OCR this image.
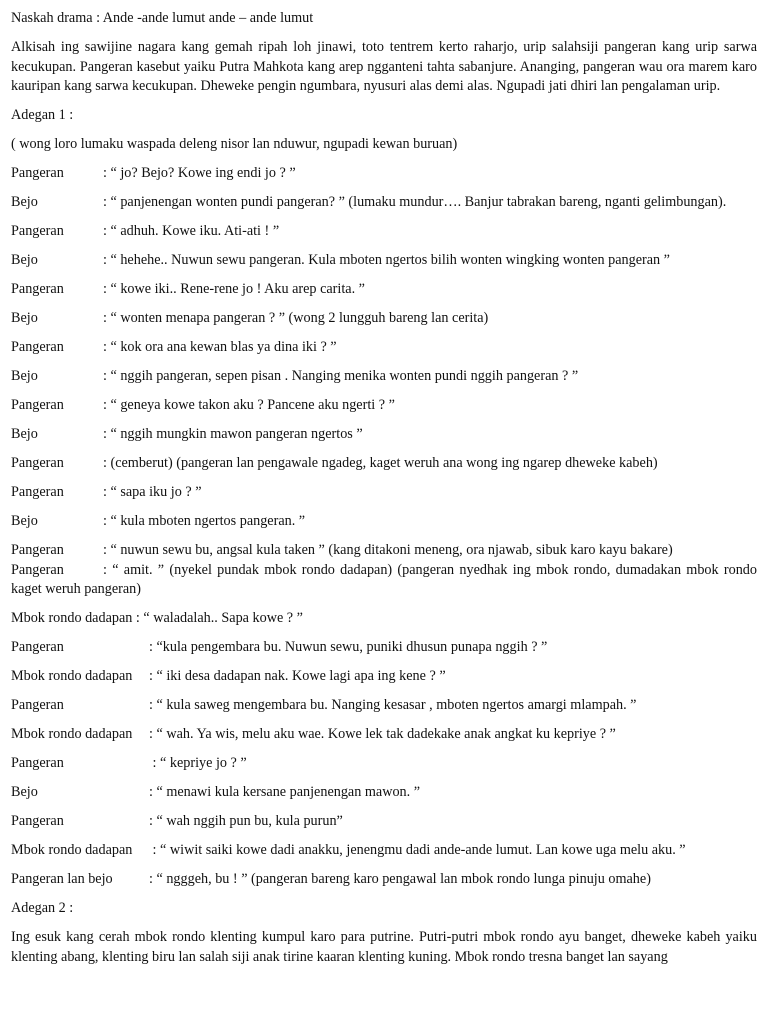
Naskah drama : Ande -ande lumut ande – ande lumut

Alkisah ing sawijine nagara kang gemah ripah loh jinawi, toto tentrem kerto raharjo, urip salahsiji pangeran kang urip sarwa kecukupan. Pangeran kasebut yaiku Putra Mahkota kang arep ngganteni tahta sabanjure. Ananging, pangeran wau ora marem karo kauripan kang sarwa kecukupan. Dheweke pengin ngumbara, nyusuri alas demi alas. Ngupadi jati dhiri lan pengalaman urip.

Adegan 1 :

( wong loro lumaku waspada deleng nisor lan nduwur, ngupadi kewan buruan)

Pangeran	: “ jo? Bejo? Kowe ing endi jo ? ”

Bejo	: “ panjenengan wonten pundi pangeran? ” (lumaku mundur…. Banjur tabrakan bareng, nganti gelimbungan).

Pangeran	: “ adhuh. Kowe iku. Ati-ati ! ”

Bejo	: “ hehehe.. Nuwun sewu pangeran. Kula mboten ngertos bilih wonten wingking wonten pangeran ”

Pangeran	: “ kowe iki.. Rene-rene jo ! Aku arep carita. ”

Bejo	: “ wonten menapa pangeran ? ” (wong 2 lungguh bareng lan cerita)

Pangeran	: “ kok ora ana kewan blas ya dina iki ? ”

Bejo	: “ nggih pangeran, sepen pisan . Nanging menika wonten pundi nggih pangeran ? ”

Pangeran	: “ geneya kowe takon aku ? Pancene aku ngerti ? ”

Bejo	: “ nggih mungkin mawon pangeran ngertos ”

Pangeran	: (cemberut) (pangeran lan pengawale ngadeg, kaget weruh ana wong ing ngarep dheweke kabeh)

Pangeran	: “ sapa iku jo ? ”

Bejo	: “ kula mboten ngertos pangeran. ”

Pangeran	: “ nuwun sewu bu, angsal kula taken ” (kang ditakoni meneng, ora njawab, sibuk karo kayu bakare)

Pangeran	: “ amit. ” (nyekel pundak mbok rondo dadapan) (pangeran nyedhak ing mbok rondo, dumadakan mbok rondo kaget weruh pangeran)

Mbok rondo dadapan : “ waladalah.. Sapa kowe ? ”

Pangeran	: “kula pengembara bu. Nuwun sewu, puniki dhusun punapa nggih ? ”

Mbok rondo dadapan : “ iki desa dadapan nak. Kowe lagi apa ing kene ? ”

Pangeran	: “ kula saweg mengembara bu. Nanging kesasar , mboten ngertos amargi mlampah. ”

Mbok rondo dadapan : “ wah. Ya wis, melu aku wae. Kowe lek tak dadekake anak angkat ku kepriye ? ”

Pangeran	: “ kepriye jo ? ”

Bejo	: “ menawi kula kersane panjenengan mawon. ”

Pangeran	: “ wah nggih pun bu, kula purun”

Mbok rondo dadapan : “ wiwit saiki kowe dadi anakku, jenengmu dadi ande-ande lumut. Lan kowe uga melu aku. ”

Pangeran lan bejo	: “ ngggeh, bu ! ” (pangeran bareng karo pengawal lan mbok rondo lunga pinuju omahe)

Adegan 2 :

Ing esuk kang cerah mbok rondo klenting kumpul karo para putrine. Putri-putri mbok rondo ayu banget, dheweke kabeh yaiku klenting abang, klenting biru lan salah siji anak tirine kaaran klenting kuning. Mbok rondo tresna banget lan sayang
